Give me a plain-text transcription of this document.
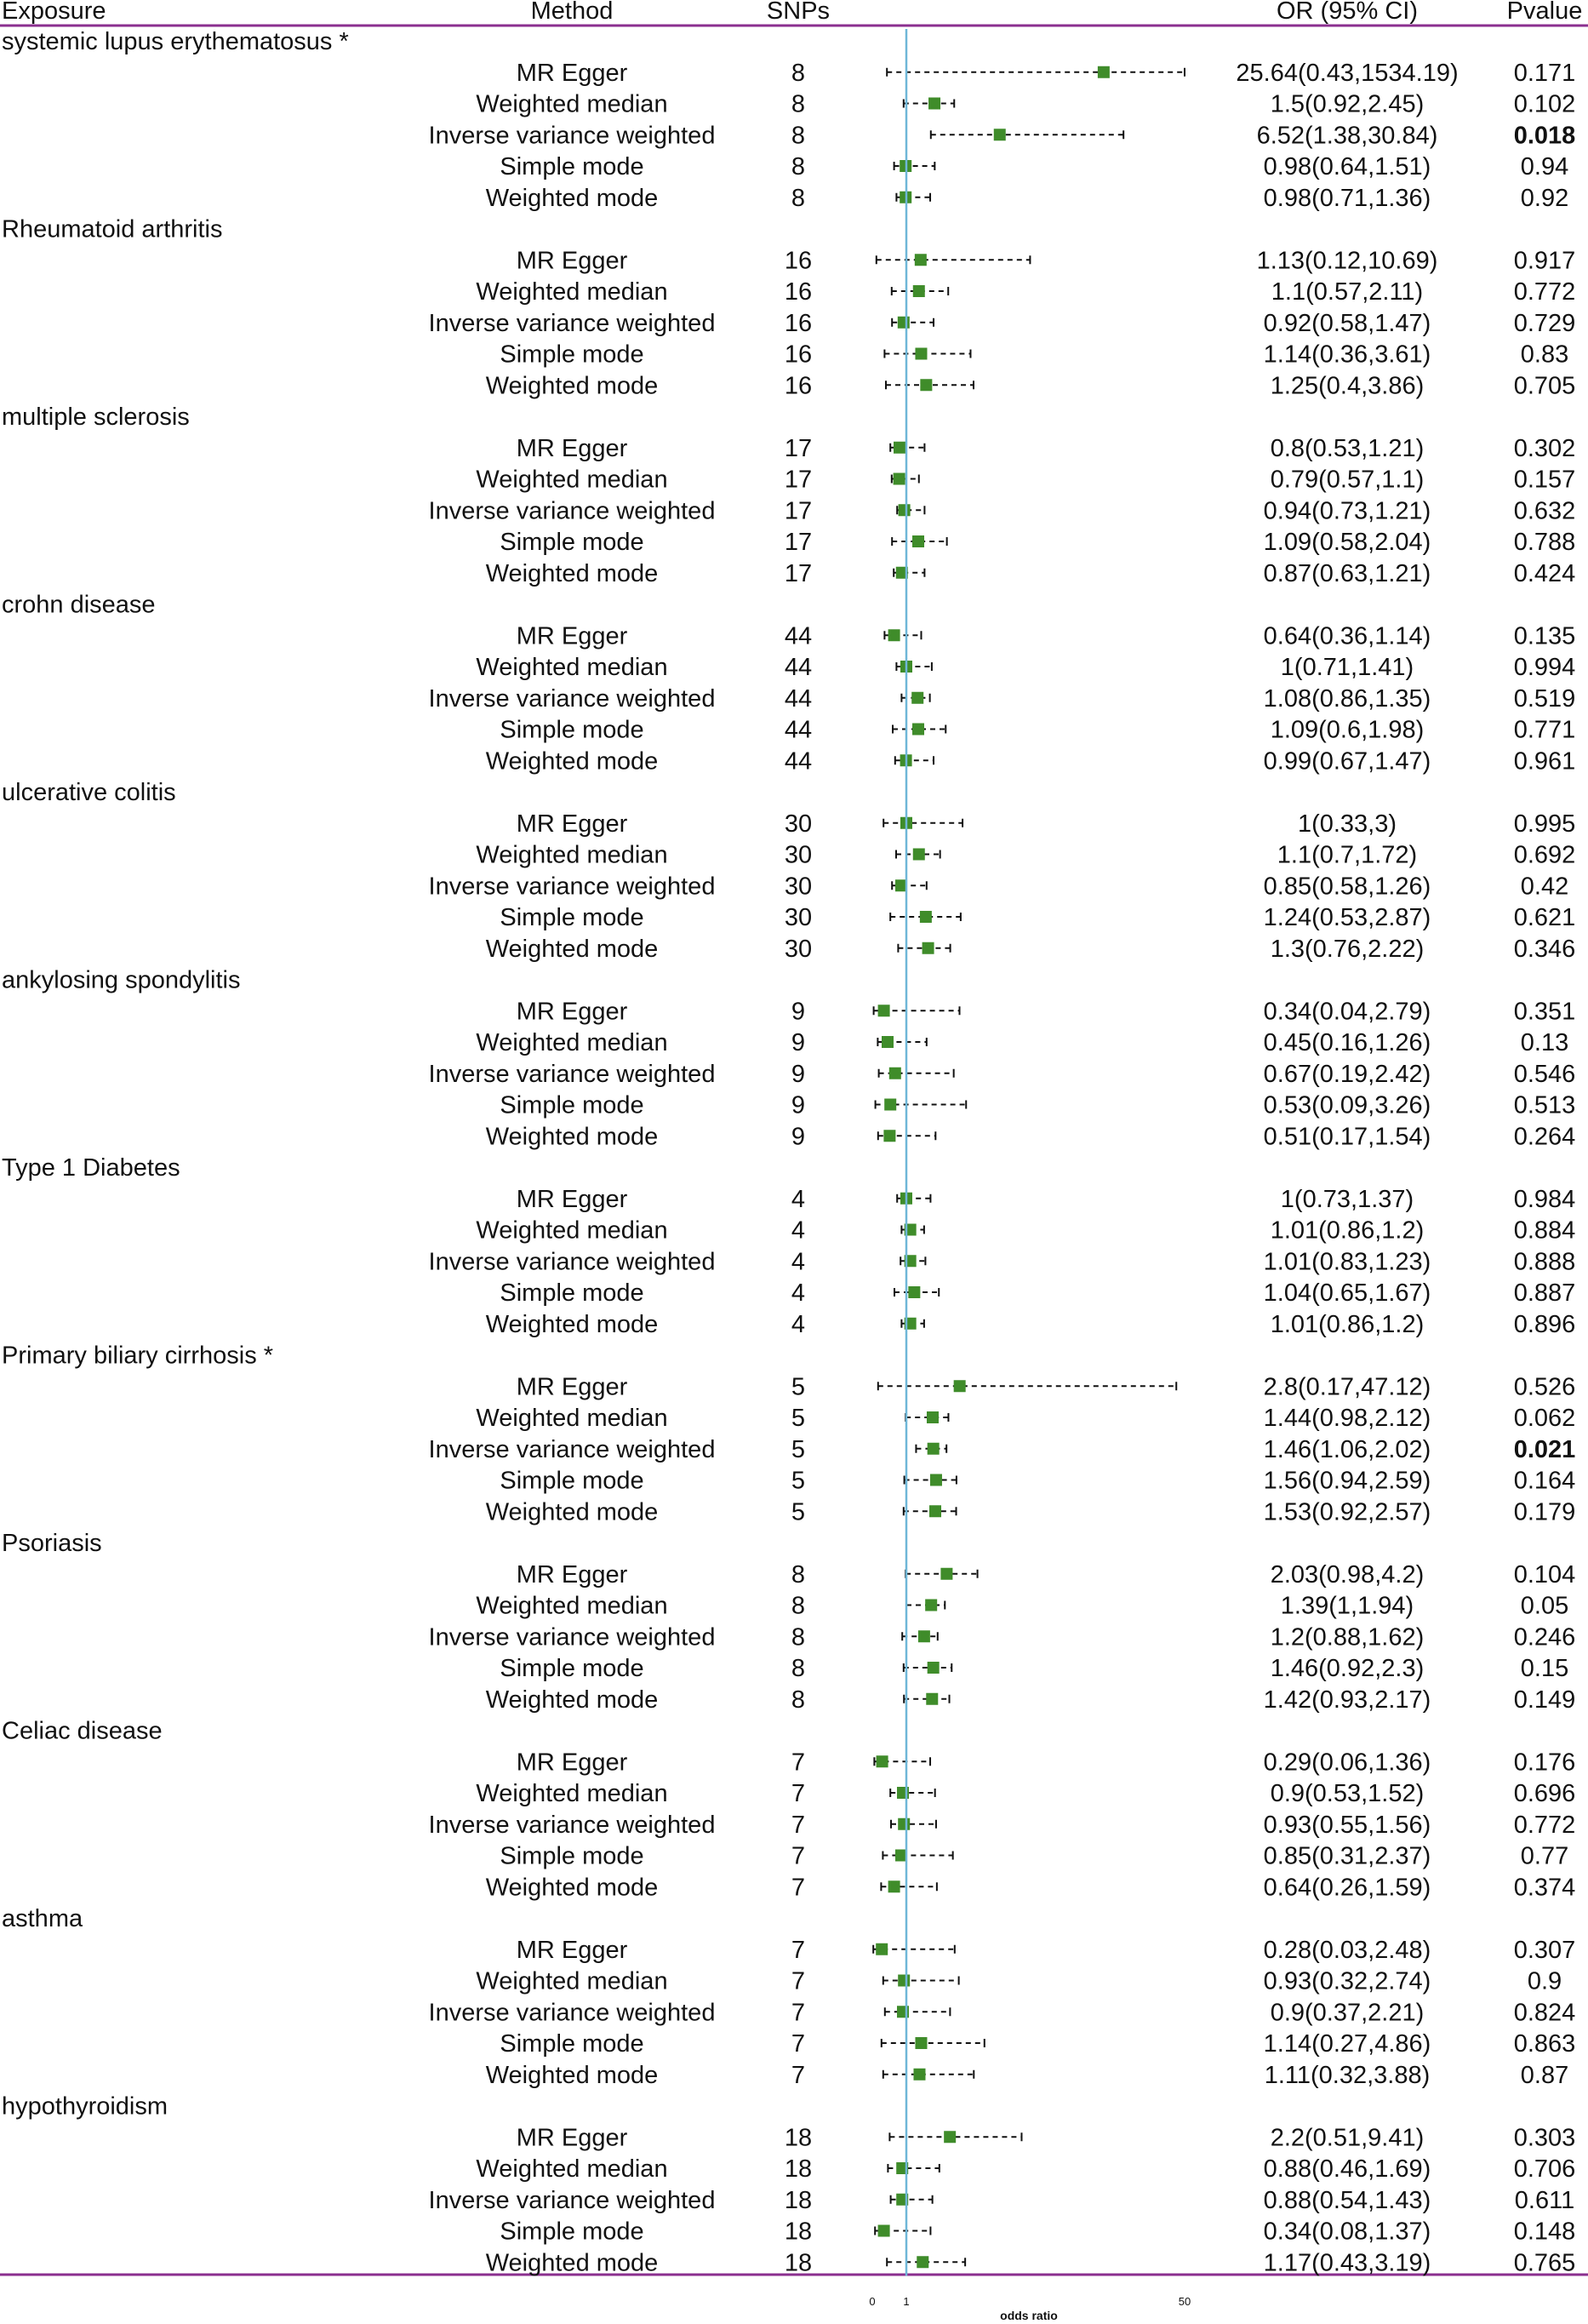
Exposure	Method	SNPs	OR (95% CI)	Pvalue
systemic lupus erythematosus *
MR Egger	8	25.64(0.43,1534.19) 0.171
Weighted median	8	1.5(0.92,2.45)	0.102
Inverse variance weighted	8	6.52(1.38,30.84)	0.018
Simple mode	8	0.98(0.64,1.51)	0.94
Weighted mode	8	0.98(0.71,1.36)	0.92
Rheumatoid arthritis
MR Egger	16	1.13(0.12,10.69)	0.917
Weighted median	16	1.1(0.57,2.11)	0.772
Inverse variance weighted	16	0.92(0.58,1.47)	0.729
Simple mode	16	1.14(0.36,3.61)	0.83
Weighted mode	16	1.25(0.4,3.86)	0.705
multiple sclerosis
MR Egger	17	0.8(0.53,1.21)	0.302
Weighted median	17	0.79(0.57,1.1)	0.157
Inverse variance weighted	17	0.94(0.73,1.21)	0.632
Simple mode	17	1.09(0.58,2.04)	0.788
Weighted mode	17	0.87(0.63,1.21)	0.424
crohn disease
MR Egger	44	0.64(0.36,1.14)	0.135
Weighted median	44	1(0.71,1.41)	0.994
Inverse variance weighted	44	1.08(0.86,1.35)	0.519
Simple mode	44	1.09(0.6,1.98)	0.771
Weighted mode	44	0.99(0.67,1.47)	0.961
ulcerative colitis
MR Egger	30	1(0.33,3)	0.995
Weighted median	30	1.1(0.7,1.72)	0.692
Inverse variance weighted	30	0.85(0.58,1.26)	0.42
Simple mode	30	1.24(0.53,2.87)	0.621
Weighted mode	30	1.3(0.76,2.22)	0.346
ankylosing spondylitis
MR Egger	9	0.34(0.04,2.79)	0.351
Weighted median	9	0.45(0.16,1.26)	0.13
Inverse variance weighted	9	0.67(0.19,2.42)	0.546
Simple mode	9	0.53(0.09,3.26)	0.513
Weighted mode	9	0.51(0.17,1.54)	0.264
Type 1 Diabetes
MR Egger	4	1(0.73,1.37)	0.984
Weighted median	4	1.01(0.86,1.2)	0.884
Inverse variance weighted	4	1.01(0.83,1.23)	0.888
Simple mode	4	1.04(0.65,1.67)	0.887
Weighted mode	4	1.01(0.86,1.2)	0.896
Primary biliary cirrhosis *
MR Egger	5	2.8(0.17,47.12)	0.526
Weighted median	5	1.44(0.98,2.12)	0.062
Inverse variance weighted	5	1.46(1.06,2.02)	0.021
Simple mode	5	1.56(0.94,2.59)	0.164
Weighted mode	5	1.53(0.92,2.57)	0.179
Psoriasis
MR Egger	8	2.03(0.98,4.2)	0.104
Weighted median	8	1.39(1,1.94)	0.05
Inverse variance weighted	8	1.2(0.88,1.62)	0.246
Simple mode	8	1.46(0.92,2.3)	0.15
Weighted mode	8	1.42(0.93,2.17)	0.149
Celiac disease
MR Egger	7	0.29(0.06,1.36)	0.176
Weighted median	7	0.9(0.53,1.52)	0.696
Inverse variance weighted	7	0.93(0.55,1.56)	0.772
Simple mode	7	0.85(0.31,2.37)	0.77
Weighted mode	7	0.64(0.26,1.59)	0.374
asthma
MR Egger	7	0.28(0.03,2.48)	0.307
Weighted median	7	0.93(0.32,2.74)	0.9
Inverse variance weighted	7	0.9(0.37,2.21)	0.824
Simple mode	7	1.14(0.27,4.86)	0.863
Weighted mode	7	1.11(0.32,3.88)	0.87
hypothyroidism
MR Egger	18	2.2(0.51,9.41)	0.303
Weighted median	18	0.88(0.46,1.69)	0.706
Inverse variance weighted	18	0.88(0.54,1.43)	0.611
Simple mode	18	0.34(0.08,1.37)	0.148
Weighted mode	18	1.17(0.43,3.19)	0.765
0	1	50
odds ratio
